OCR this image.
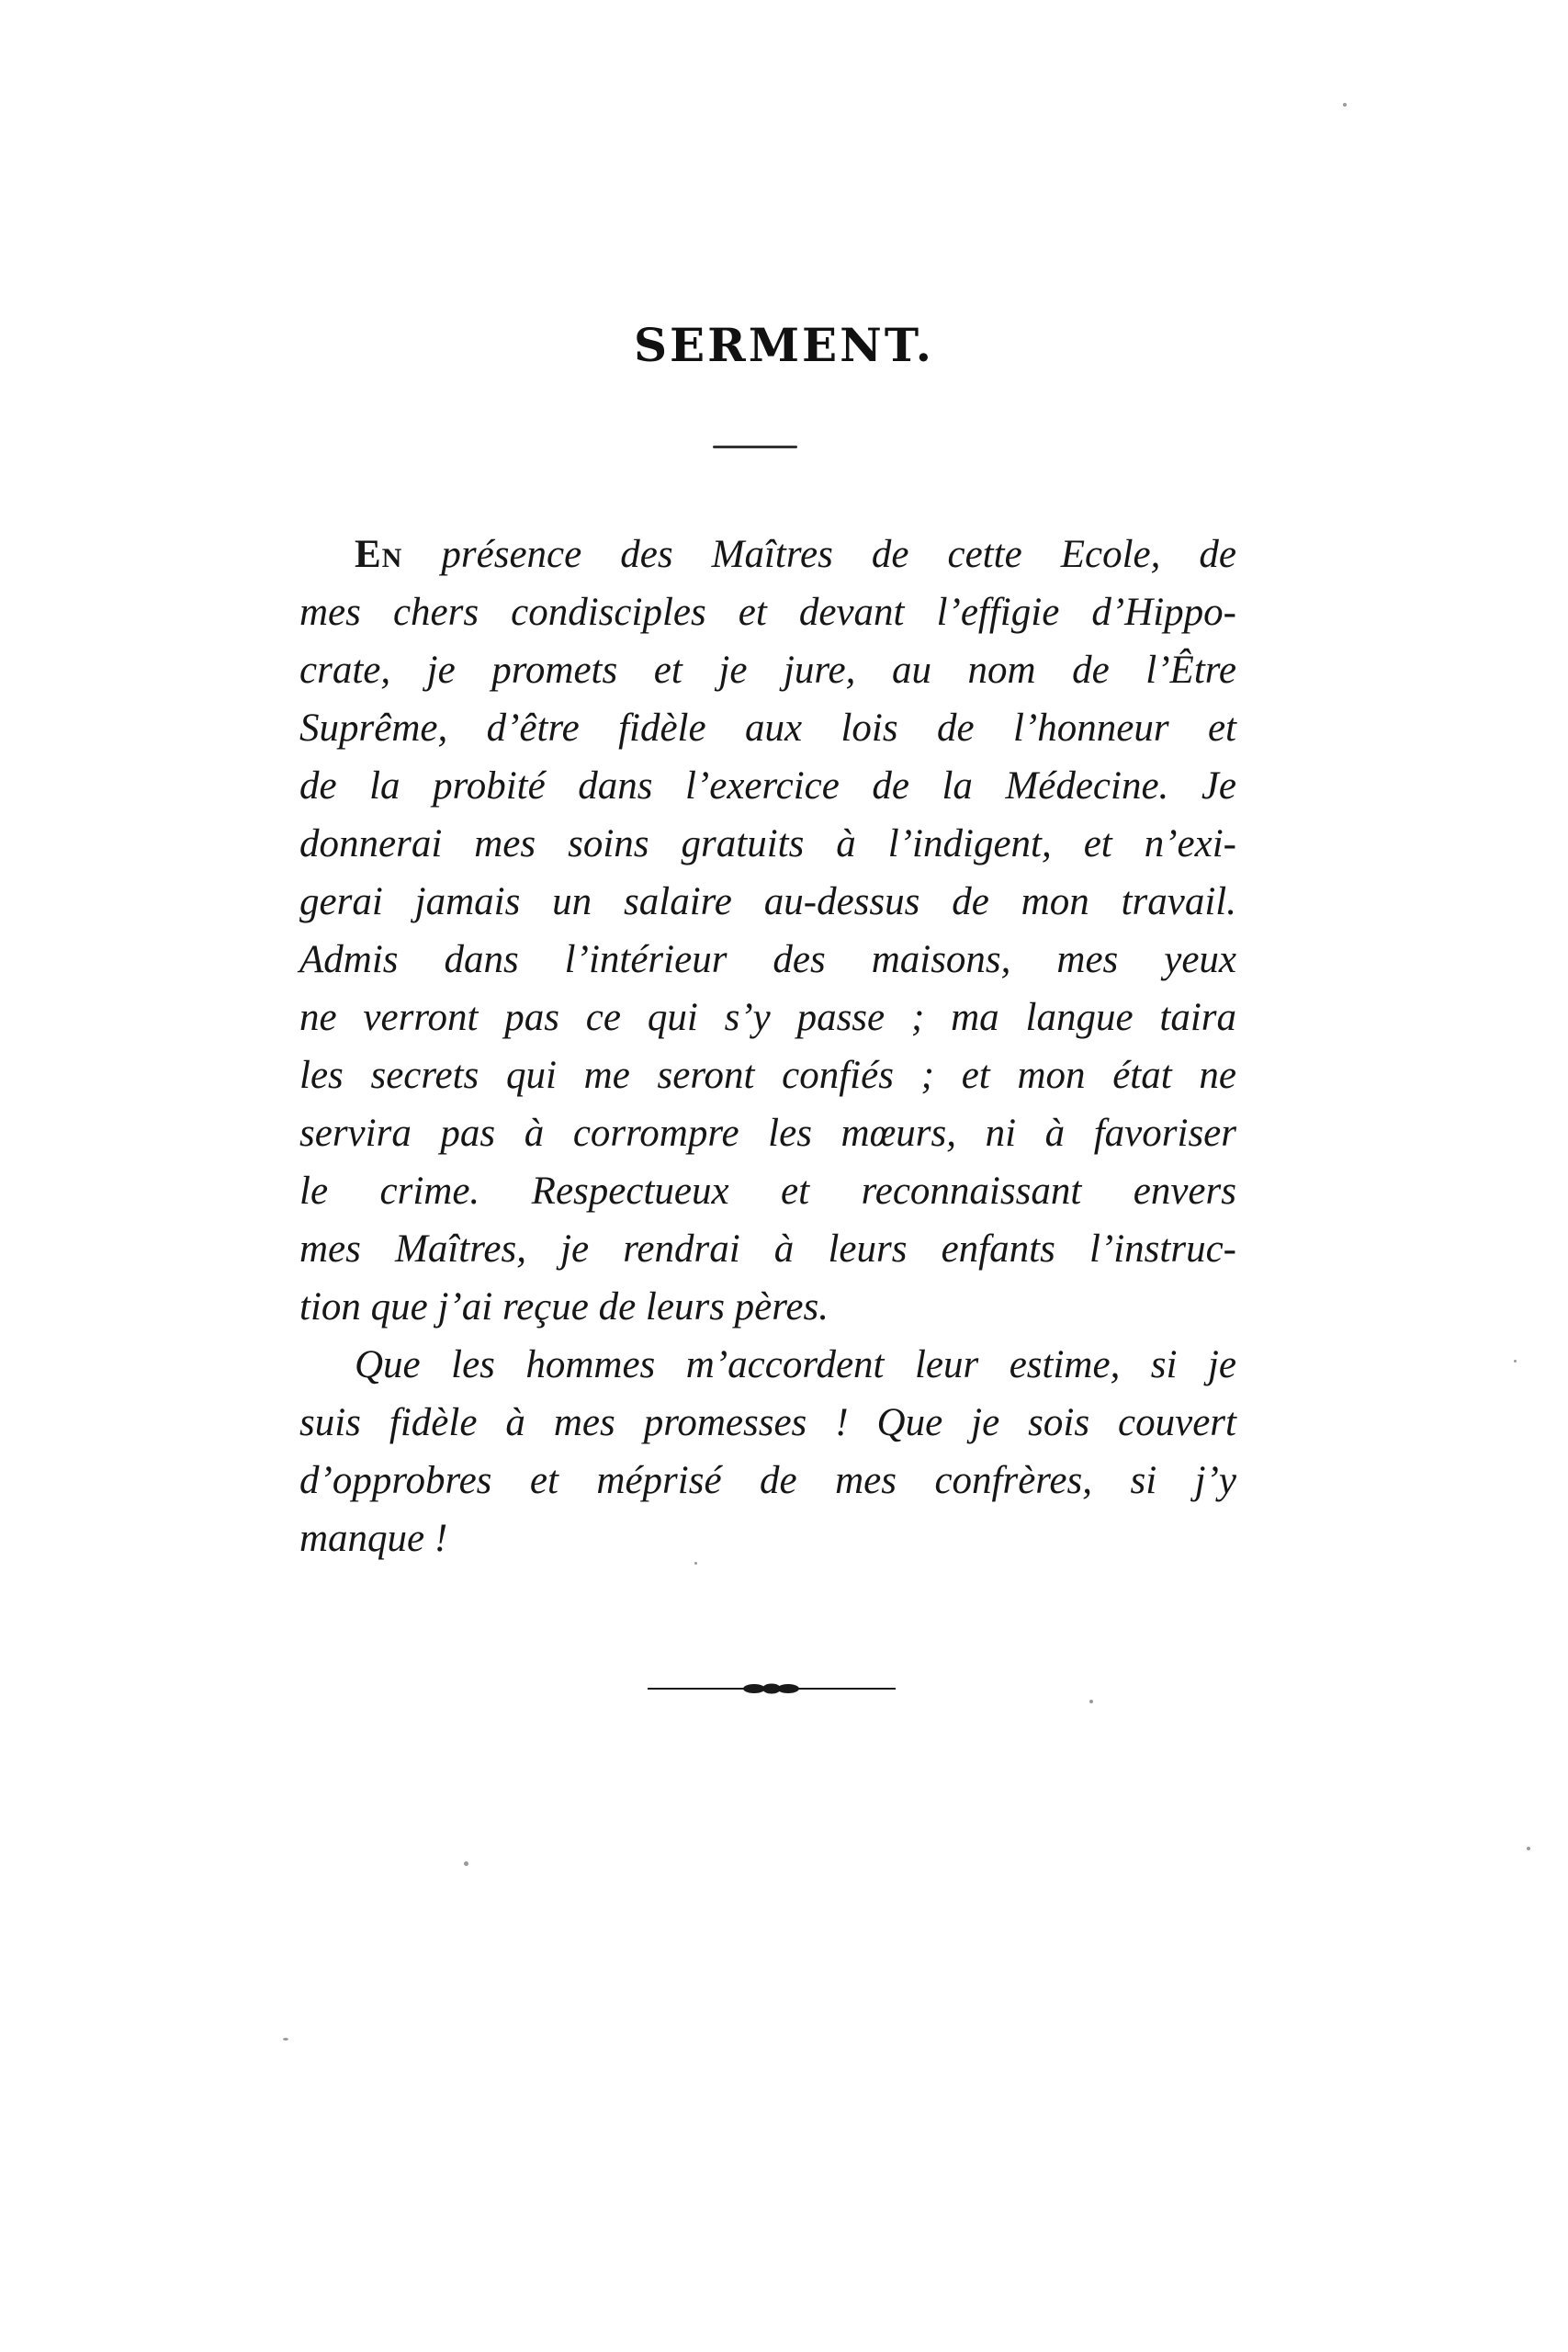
SERMENT.
En présence des Maîtres de cette Ecole, de
mes chers condisciples et devant l’effigie d’Hippo-
crate, je promets et je jure, au nom de l’Être
Suprême, d’être fidèle aux lois de l’honneur et
de la probité dans l’exercice de la Médecine. Je
donnerai mes soins gratuits à l’indigent, et n’exi-
gerai jamais un salaire au-dessus de mon travail.
Admis dans l’intérieur des maisons, mes yeux
ne verront pas ce qui s’y passe ; ma langue taira
les secrets qui me seront confiés ; et mon état ne
servira pas à corrompre les mœurs, ni à favoriser
le crime. Respectueux et reconnaissant envers
mes Maîtres, je rendrai à leurs enfants l’instruc-
tion que j’ai reçue de leurs pères.
Que les hommes m’accordent leur estime, si je
suis fidèle à mes promesses ! Que je sois couvert
d’opprobres et méprisé de mes confrères, si j’y
manque !
